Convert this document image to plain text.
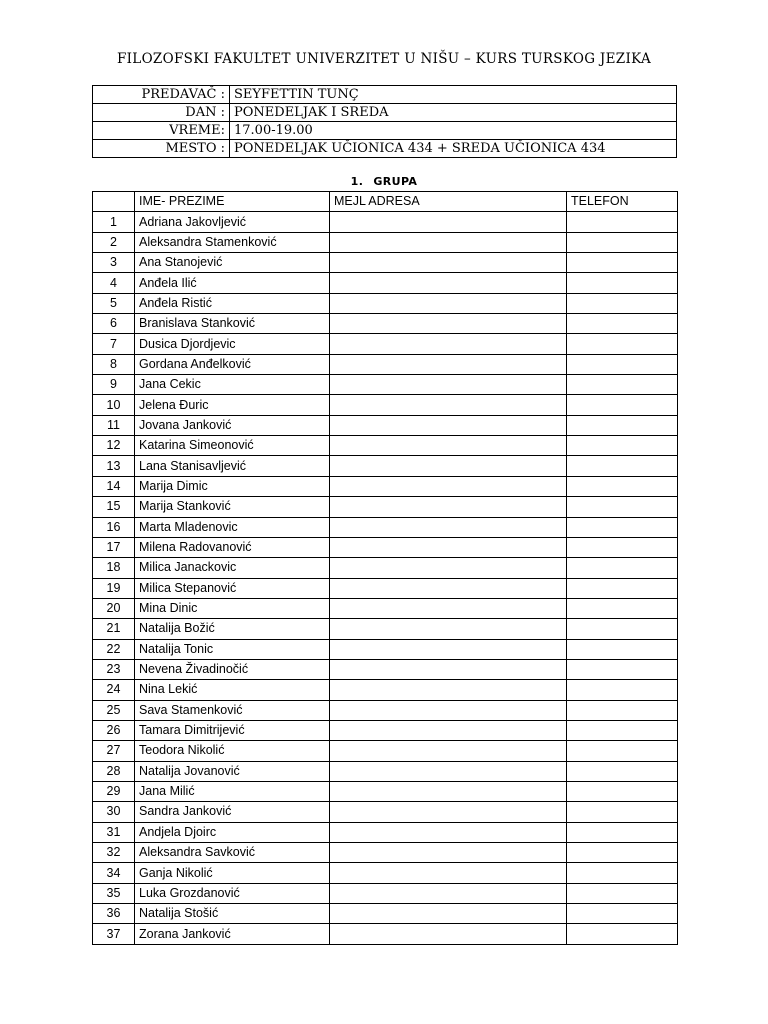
FILOZOFSKI FAKULTET UNIVERZITET U NIŠU – KURS TURSKOG JEZIKA
PREDAVAČ :	SEYFETTIN TUNÇ
DAN :	PONEDELJAK I SREDA
VREME:	17.00-19.00
MESTO :	PONEDELJAK UČIONICA 434 + SREDA UČIONICA 434
1. GRUPA
	IME- PREZIME	MEJL ADRESA	TELEFON
1	Adriana Jakovljević		
2	Aleksandra Stamenković		
3	Ana Stanojević		
4	Anđela Ilić		
5	Anđela Ristić		
6	Branislava Stanković		
7	Dusica Djordjevic		
8	Gordana Anđelković		
9	Jana Cekic		
10	Jelena Đuric		
11	Jovana Janković		
12	Katarina Simeonović		
13	Lana Stanisavljević		
14	Marija Dimic		
15	Marija Stanković		
16	Marta Mladenovic		
17	Milena Radovanović		
18	Milica Janackovic		
19	Milica Stepanović		
20	Mina Dinic		
21	Natalija Božić		
22	Natalija Tonic		
23	Nevena Živadinočić		
24	Nina Lekić		
25	Sava Stamenković		
26	Tamara Dimitrijević		
27	Teodora Nikolić		
28	Natalija Jovanović		
29	Jana Milić		
30	Sandra Janković		
31	Andjela Djoirc		
32	Aleksandra Savković		
34	Ganja Nikolić		
35	Luka Grozdanović		
36	Natalija Stošić		
37	Zorana Janković		
